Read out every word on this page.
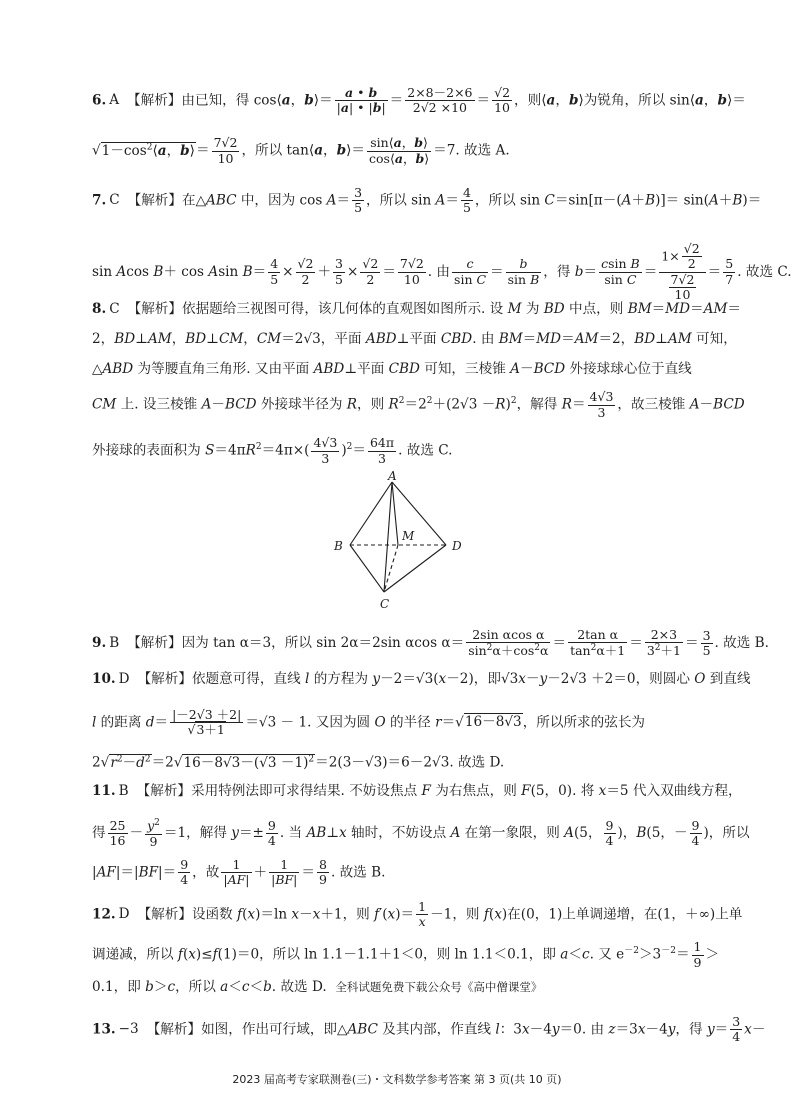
6. A 【解析】由已知，得 cos⟨a，b⟩＝ $\frac{a • b}{|a| • |b|} = \frac{2\times 8-2\times 6}{2√2 \times 10} = \frac{√2}{10}$ ，则⟨a，b⟩为锐角，所以 sin⟨a，b⟩＝
$√1-\cos^2⟨a$，b⟩＝ $\frac{7√2}{10}$ ，所以 tan⟨a，b⟩＝ $\frac{\sin⟨a,b⟩}{\cos⟨a,b⟩} =7$. 故选 A.
7. C 【解析】在△ABC 中，因为 $\cos A= \frac{3}{5}$ ，所以 $\sin A= \frac{4}{5}$ ，所以 sin C＝sin[π－(A＋B)]＝ sin(A＋B)＝
sin Acos B＋ cos Asin $B= \frac{4}{5} \times \frac{√2}{2} + \frac{3}{5} \times \frac{√2}{2} = \frac{7√2}{10}$ . 由 $\frac{c}{\text{sin C}} = \frac{b}{\text{sin B}}$ ，得 $b= \frac{\text{csin B}}{\text{sin C}} = \frac{1\times \frac{√2}{2}}{\frac{7√2}{10}} = \frac{5}{7}$ . 故选 C.
8. C 【解析】依据题给三视图可得，该几何体的直观图如图所示. 设 M 为 BD 中点，则 BM＝MD＝AM＝
2，BD⊥AM，BD⊥CM，CM＝2√3，平面 ABD⊥平面 CBD. 由 BM＝MD＝AM＝2，BD⊥AM 可知，
△ABD 为等腰直角三角形. 又由平面 ABD⊥平面 CBD 可知，三棱锥 A－BCD 外接球球心位于直线
CM 上. 设三棱锥 A－BCD 外接球半径为 R，则 $R^2=2^2+(2√3 -R)^2$，解得 $R= \frac{4√3}{3}$ ，故三棱锥 A－BCD
外接球的表面积为 $S=4\pi R^2=4\pi\times( \frac{4√3}{3} )^2= \frac{64\pi}{3}$ . 故选 C.
A
B
C
D
M
9. B 【解析】因为 tan α＝3，所以 sin 2α＝2sin αcos $\alpha= \frac{\text{2sin αcos α}}{\sin^2\alpha+\cos^2\alpha} = \frac{\text{2tan α}}{\tan^2\alpha+1} = \frac{2\times 3}{3^2+1} = \frac{3}{5}$ . 故选 B.
10. D 【解析】依题意可得，直线 l 的方程为 y－2＝√3(x－2)，即√3x－y－2√3 ＋2＝0，则圆心 O 到直线
l 的距离 $d= \frac{|-2√3 +2|}{√3+1} =√3 - 1$. 又因为圆 O 的半径 r＝√16－8√3，所以所求的弦长为
$2√r^2-d^2=2√16-8√3-(√3 -1)^2=2(3-√3)=6-2√3$. 故选 D.
11. B 【解析】采用特例法即可求得结果. 不妨设焦点 F 为右焦点，则 F(5，0). 将 x＝5 代入双曲线方程，
得 $\frac{25}{16} - \frac{y^2}{9} =1$，解得 $y=\pm \frac{9}{4}$ . 当 AB⊥x 轴时，不妨设点 A 在第一象限，则 A(5， $\frac{9}{4}$ )，B(5，－ $\frac{9}{4}$ )，所以
$|AF|=|BF|= \frac{9}{4}$ ，故 $\frac{1}{|AF|} + \frac{1}{|BF|} = \frac{8}{9}$ . 故选 B.
12. D 【解析】设函数 f(x)＝ln x－x＋1，则 $f'(x)= \frac{1}{x} -1$，则 f(x)在(0，1)上单调递增，在(1，＋∞)上单
调递减，所以 f(x)≤f(1)＝0，所以 ln 1.1－1.1＋1＜0，则 ln 1.1＜0.1，即 a＜c. 又 $e^{-2}>3^{-2}= \frac{1}{9}$ ＞
0.1，即 b＞c，所以 a＜c＜b. 故选 D.  全科试题免费下载公众号《高中僧课堂》
13. −3 【解析】如图，作出可行域，即△ABC 及其内部，作直线 l：3x－4y＝0. 由 z＝3x－4y，得 $y= \frac{3}{4} x-$
2023 届高考专家联测卷(三)・文科数学参考答案 第 3 页(共 10 页)
